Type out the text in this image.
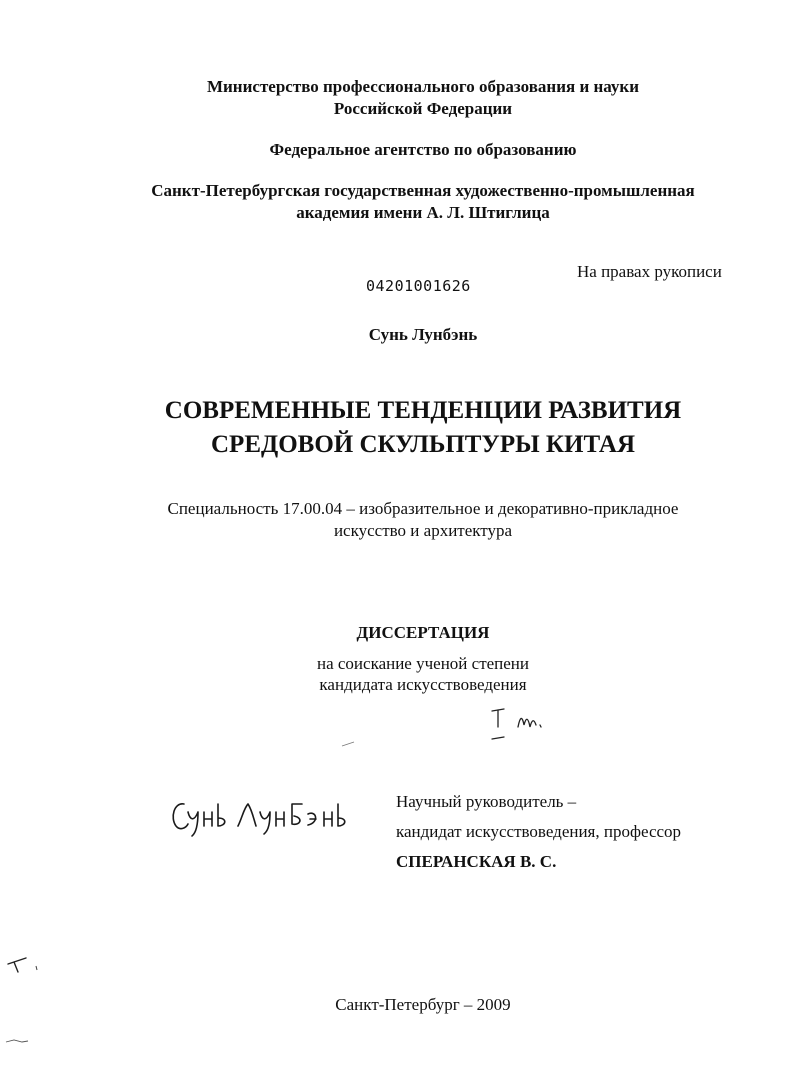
Министерство профессионального образования и науки
Российской Федерации
Федеральное агентство по образованию
Санкт-Петербургская государственная художественно-промышленная
академия имени А. Л. Штиглица
04201001626
На правах рукописи
Сунь Лунбэнь
СОВРЕМЕННЫЕ ТЕНДЕНЦИИ РАЗВИТИЯ
СРЕДОВОЙ СКУЛЬПТУРЫ КИТАЯ
Специальность 17.00.04 – изобразительное и декоративно-прикладное
искусство и архитектура
ДИССЕРТАЦИЯ
на соискание ученой степени
кандидата искусствоведения
Научный руководитель –
кандидат искусствоведения, профессор
СПЕРАНСКАЯ В. С.
Санкт-Петербург – 2009
